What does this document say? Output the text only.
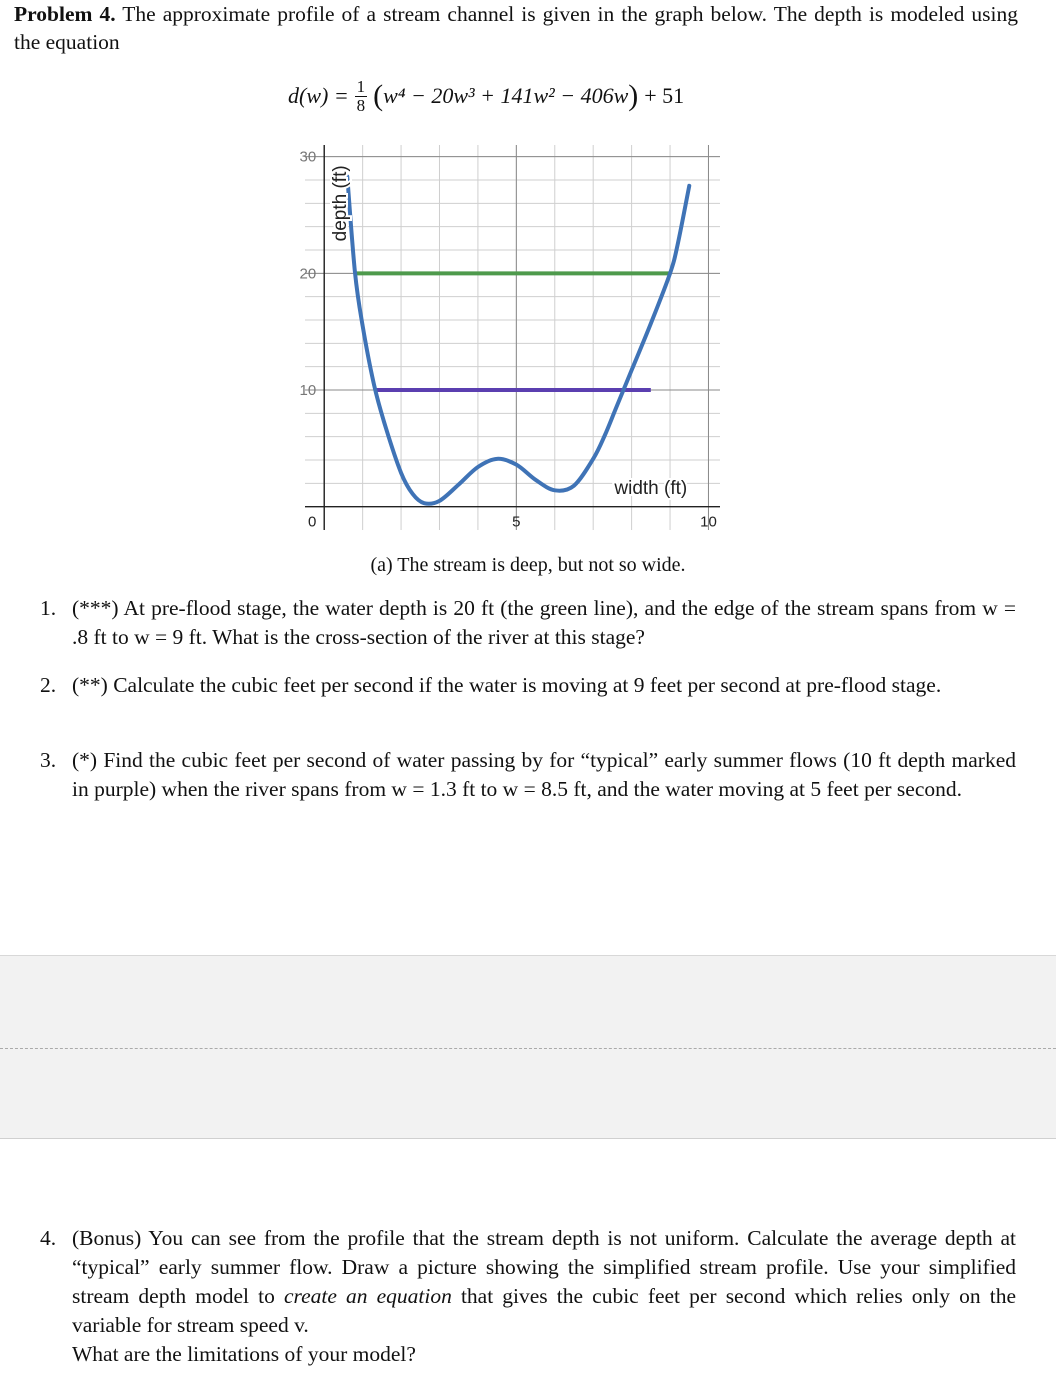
Problem 4. The approximate profile of a stream channel is given in the graph below. The depth is modeled using the equation
$d(w) = \frac{1}{8}$ ( w⁴ − 20w³ + 141w² − 406w ) + 51
0	5	10
10
20
30
width (ft)
depth (ft)
(a) The stream is deep, but not so wide.
1. (***) At pre-flood stage, the water depth is 20 ft (the green line), and the edge of the stream spans from w = .8 ft to w = 9 ft. What is the cross-section of the river at this stage?
2. (**) Calculate the cubic feet per second if the water is moving at 9 feet per second at pre-flood stage.
3. (*) Find the cubic feet per second of water passing by for “typical” early summer flows (10 ft depth marked in purple) when the river spans from w = 1.3 ft to w = 8.5 ft, and the water moving at 5 feet per second.
4. (Bonus) You can see from the profile that the stream depth is not uniform. Calculate the average depth at “typical” early summer flow. Draw a picture showing the simplified stream profile. Use your simplified stream depth model to create an equation that gives the cubic feet per second which relies only on the variable for stream speed v.
What are the limitations of your model?
